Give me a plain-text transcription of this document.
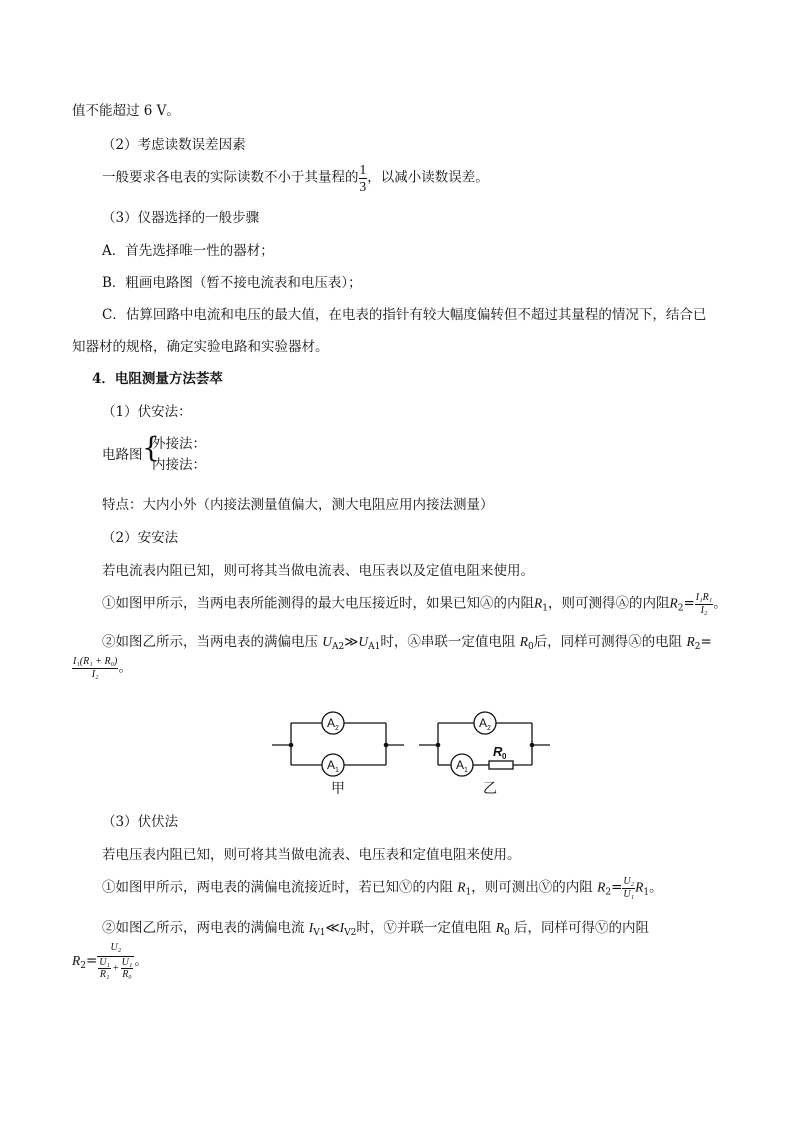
值不能超过 6 V。
（2）考虑读数误差因素
一般要求各电表的实际读数不小于其量程的 $\frac{1}{3}$ ，以减小读数误差。
（3）仪器选择的一般步骤
A．首先选择唯一性的器材；
B．粗画电路图（暂不接电流表和电压表）；
C．估算回路中电流和电压的最大值，在电表的指针有较大幅度偏转但不超过其量程的情况下，结合已
知器材的规格，确定实验电路和实验器材。
4．电阻测量方法荟萃
（1）伏安法：
电路图 {
外接法：
内接法：
特点：大内小外（内接法测量值偏大，测大电阻应用内接法测量）
（2）安安法
若电流表内阻已知，则可将其当做电流表、电压表以及定值电阻来使用。
①如图甲所示，当两电表所能测得的最大电压接近时，如果已知Ⓐ的内阻$R_1$，则可测得Ⓐ的内阻$R_2= \frac{\text{I₁R₁}}{\text{I₂}}$ 。
②如图乙所示，当两电表的满偏电压 $U_{A2}≫U_{A1}$时，Ⓐ串联一定值电阻 $R_0$后，同样可测得Ⓐ的电阻 $R_2=$
$\frac{\text{I₁(R₁ + R₀)}}{\text{I₂}}$ 。
A 2
A 1
A 2
A 1
R 0
甲	乙
（3）伏伏法
若电压表内阻已知，则可将其当做电流表、电压表和定值电阻来使用。
①如图甲所示，两电表的满偏电流接近时，若已知Ⓥ的内阻 $R_1$，则可测出Ⓥ的内阻 $R_2= \frac{\text{U₂}}{\text{U₁}} R_1$。
②如图乙所示，两电表的满偏电流 $I_{V1}≪I_{V2}$时，Ⓥ并联一定值电阻 $R_0$ 后，同样可得Ⓥ的内阻
$R_2= \frac{\text{U₂}}{\frac{\text{U₁}}{\text{R₁}} + \frac{\text{U₁}}{\text{R₀}}}$ 。
